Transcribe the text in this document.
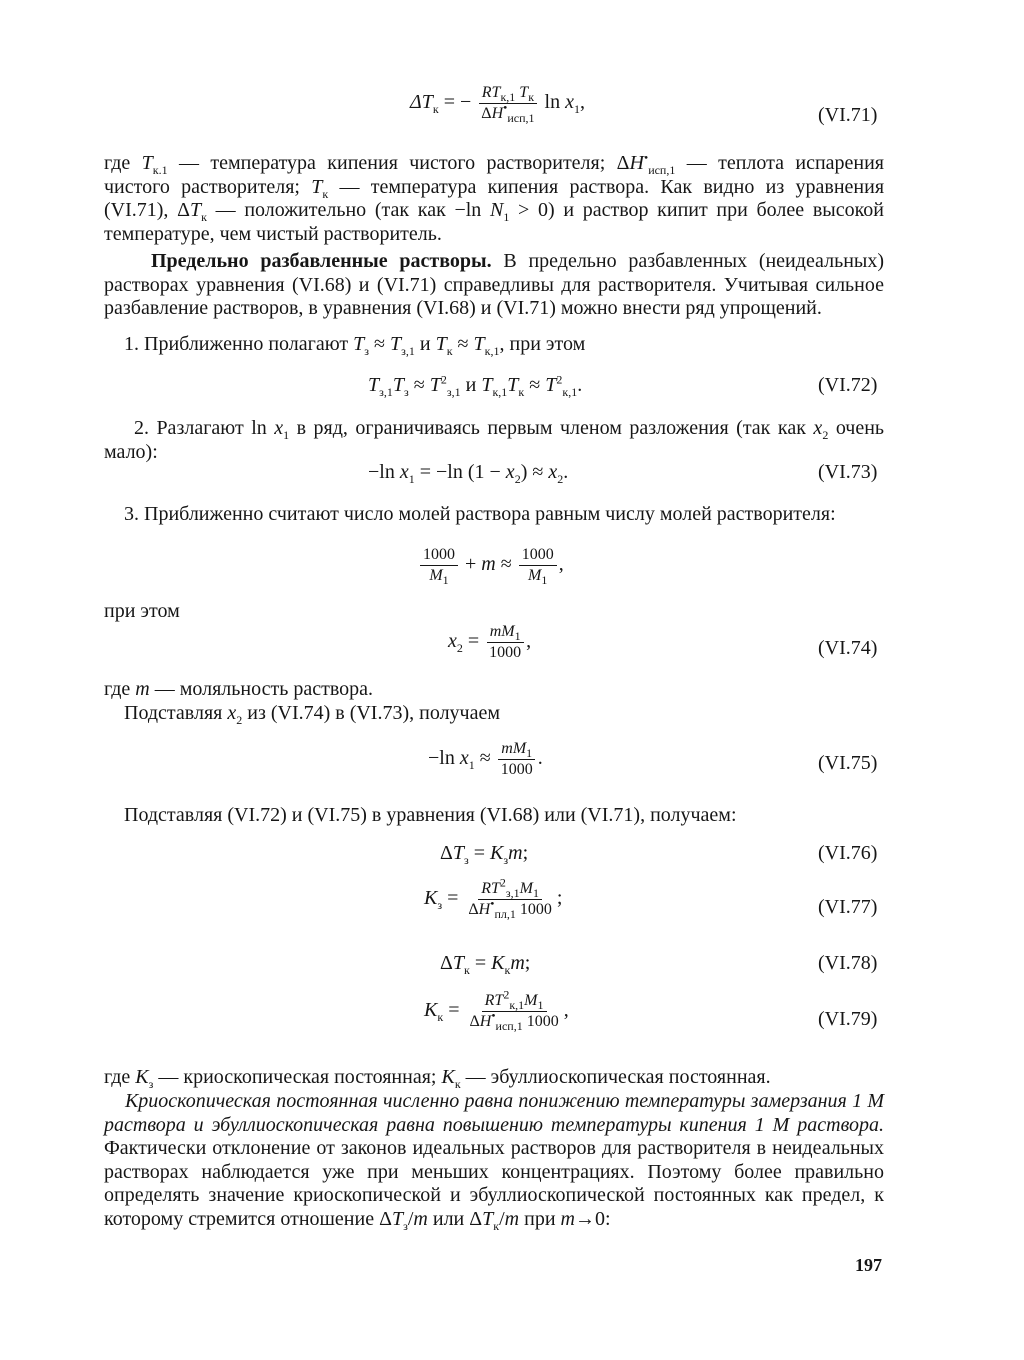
$\Delta T_к$ = − $\frac{RT_{к,1} T_к}{\Delta H^•_{исп,1}}$ $\ln x_1$,
(VI.71)

где $T_{к.1}$ — температура кипения чистого растворителя; $\Delta H^•_{исп,1}$ — теплота испарения чистого растворителя; $T_к$ — температура кипения раствора. Как видно из уравнения (VI.71), $\Delta T_к$ — положительно (так как −ln $N_1 > 0$) и раствор кипит при более высокой температуре, чем чистый растворитель.

Предельно разбавленные растворы. В предельно разбавленных (неидеальных) растворах уравнения (VI.68) и (VI.71) справедливы для растворителя. Учитывая сильное разбавление растворов, в уравнения (VI.68) и (VI.71) можно внести ряд упрощений.

1. Приближенно полагают $T_з \approx T_{з,1}$ и $T_к \approx T_{к,1}$, при этом

$T_{з,1}T_з \approx T^2_{з,1}$ и $T_{к,1}T_к \approx T^2_{к,1}$.	(VI.72)

2. Разлагают $\ln x_1$ в ряд, ограничиваясь первым членом разложения (так как $x_2$ очень мало):

−ln $x_1 = -\ln$ $(1 - x_2) \approx x_2$.	(VI.73)

3. Приближенно считают число молей раствора равным числу молей растворителя:

$\frac{1000}{M_1} + m \approx \frac{1000}{M_1}$ ,
при этом
$x_2 = \frac{mM_1}{1000}$ ,	(VI.74)

где m — моляльность раствора.

Подставляя $x_2$ из (VI.74) в (VI.73), получаем

−ln $x_1 \approx \frac{mM_1}{1000}$ .	(VI.75)

Подставляя (VI.72) и (VI.75) в уравнения (VI.68) или (VI.71), получаем:

$\Delta T_з = K_зm$;	(VI.76)
$K_з = \frac{RT^2_{з,1}M_1}{\Delta H^•_{пл,1} 1000}$ ;	(VI.77)
$\Delta T_к = K_кm$;	(VI.78)
$K_к = \frac{RT^2_{к,1}M_1}{\Delta H^•_{исп,1} 1000}$ ,	(VI.79)

где $K_з$ — криоскопическая постоянная; $K_к$ — эбуллиоскопическая постоянная.

Криоскопическая постоянная численно равна понижению температуры замерзания 1 М раствора и эбуллиоскопическая равна повышению температуры кипения 1 М раствора. Фактически отклонение от законов идеальных растворов для растворителя в неидеальных растворах наблюдается уже при меньших концентрациях. Поэтому более правильно определять значение криоскопической и эбуллиоскопической постоянных как предел, к которому стремится отношение $\Delta T_з/m$ или $\Delta T_к/m$ при m→0:

197
